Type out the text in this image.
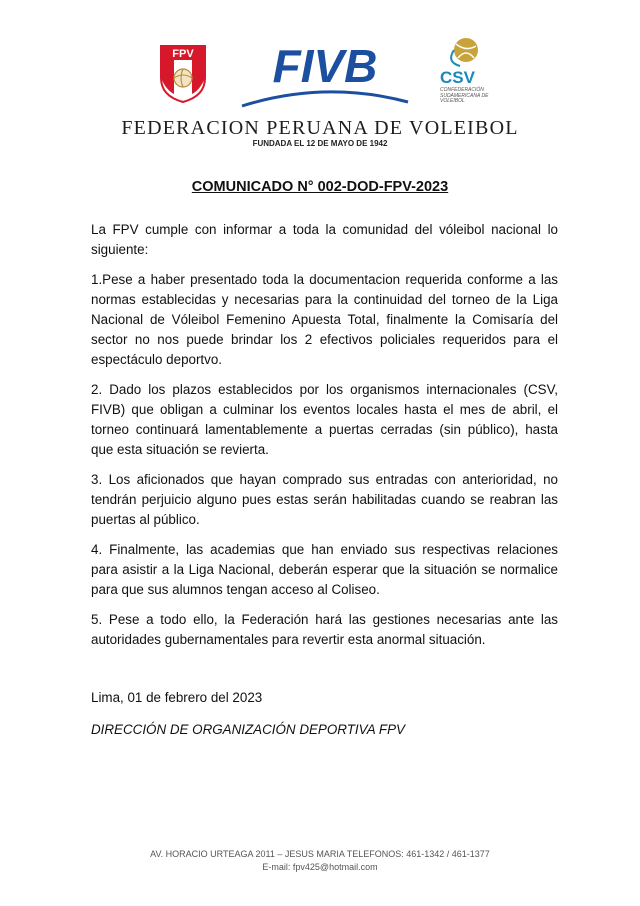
FPV FIVB	CSV
CONFEDERACIÓN SUDAMERICANA DE VOLEIBOL
FEDERACION PERUANA DE VOLEIBOL
FUNDADA EL 12 DE MAYO DE 1942
COMUNICADO N° 002-DOD-FPV-2023

La FPV cumple con informar a toda la comunidad del vóleibol nacional lo siguiente:

1.Pese a haber presentado toda la documentacion requerida conforme a las normas establecidas y necesarias para la continuidad del torneo de la Liga Nacional de Vóleibol Femenino Apuesta Total, finalmente la Comisaría del sector no nos puede brindar los 2 efectivos policiales requeridos para el espectáculo deportvo.

2. Dado los plazos establecidos por los organismos internacionales (CSV, FIVB) que obligan a culminar los eventos locales hasta el mes de abril, el torneo continuará lamentablemente a puertas cerradas (sin público), hasta que esta situación se revierta.

3. Los aficionados que hayan comprado sus entradas con anterioridad, no tendrán perjuicio alguno pues estas serán habilitadas cuando se reabran las puertas al público.

4. Finalmente, las academias que han enviado sus respectivas relaciones para asistir a la Liga Nacional, deberán esperar que la situación se normalice para que sus alumnos tengan acceso al Coliseo.

5. Pese a todo ello, la Federación hará las gestiones necesarias ante las autoridades gubernamentales para revertir esta anormal situación.

Lima, 01 de febrero del 2023

DIRECCIÓN DE ORGANIZACIÓN DEPORTIVA FPV

AV. HORACIO URTEAGA 2011 – JESUS MARIA TELEFONOS: 461-1342 / 461-1377
E-mail: fpv425@hotmail.com
